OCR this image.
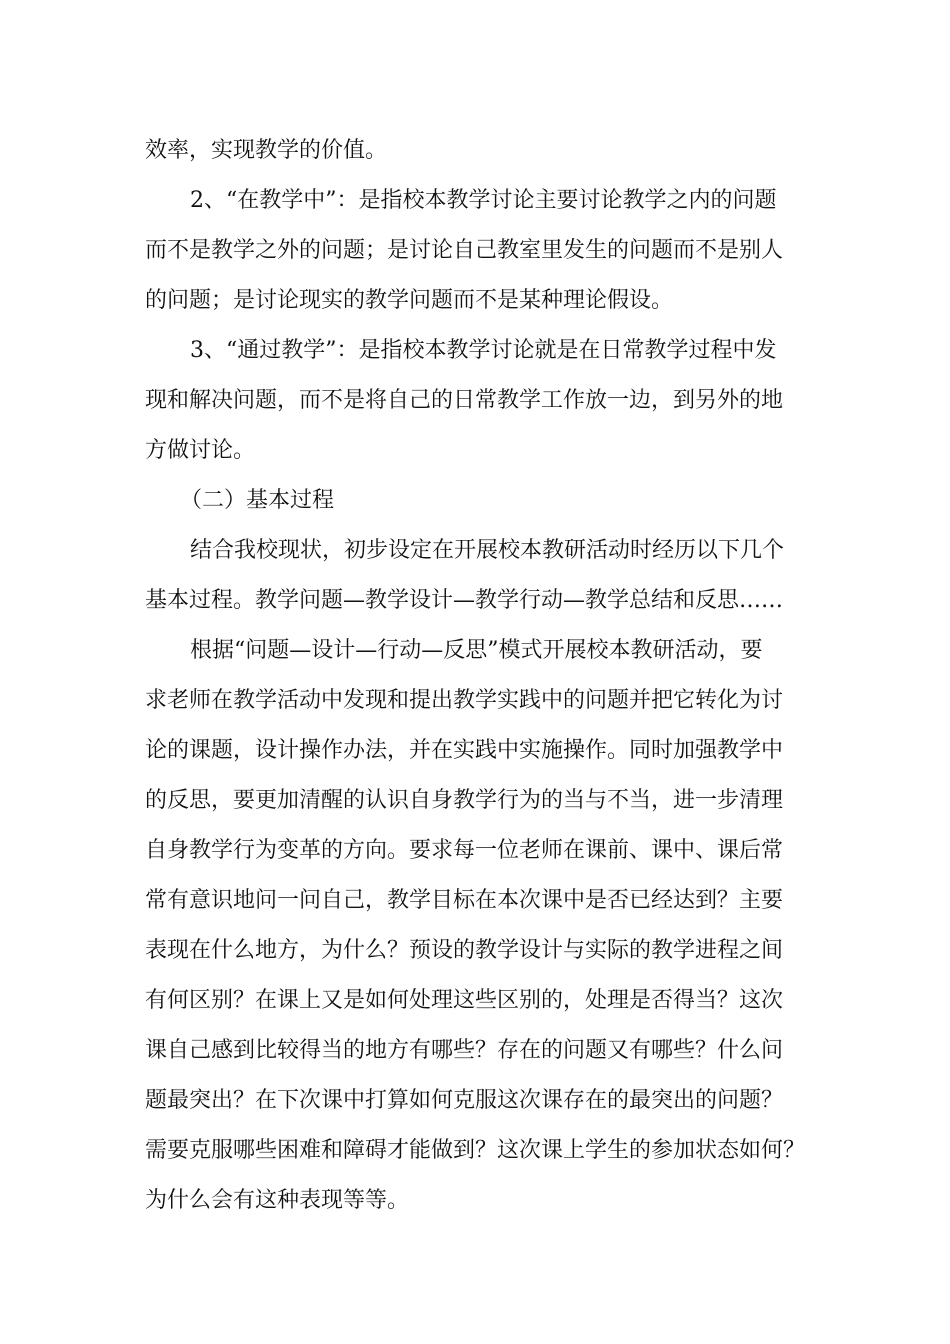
效率，实现教学的价值。

2、“在教学中”：是指校本教学讨论主要讨论教学之内的问题

而不是教学之外的问题；是讨论自己教室里发生的问题而不是别人

的问题；是讨论现实的教学问题而不是某种理论假设。

3、“通过教学”：是指校本教学讨论就是在日常教学过程中发

现和解决问题，而不是将自己的日常教学工作放一边，到另外的地

方做讨论。

（二）基本过程

结合我校现状，初步设定在开展校本教研活动时经历以下几个

基本过程。教学问题—教学设计—教学行动—教学总结和反思……

根据“问题—设计—行动—反思”模式开展校本教研活动，要

求老师在教学活动中发现和提出教学实践中的问题并把它转化为讨

论的课题，设计操作办法，并在实践中实施操作。同时加强教学中

的反思，要更加清醒的认识自身教学行为的当与不当，进一步清理

自身教学行为变革的方向。要求每一位老师在课前、课中、课后常

常有意识地问一问自己，教学目标在本次课中是否已经达到？主要

表现在什么地方，为什么？预设的教学设计与实际的教学进程之间

有何区别？在课上又是如何处理这些区别的，处理是否得当？这次

课自己感到比较得当的地方有哪些？存在的问题又有哪些？什么问

题最突出？在下次课中打算如何克服这次课存在的最突出的问题？

需要克服哪些困难和障碍才能做到？这次课上学生的参加状态如何？

为什么会有这种表现等等。
